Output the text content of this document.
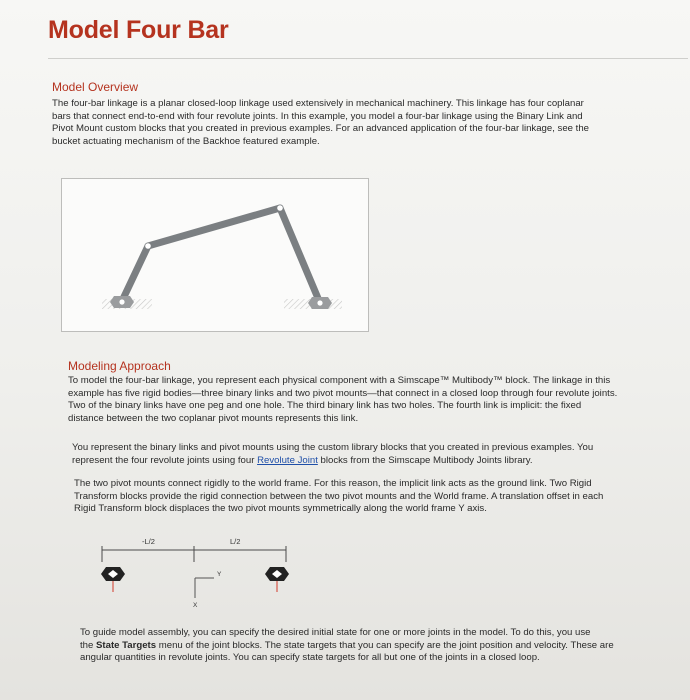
Model Four Bar
Model Overview
The four-bar linkage is a planar closed-loop linkage used extensively in mechanical machinery. This linkage has four coplanar
bars that connect end-to-end with four revolute joints. In this example, you model a four-bar linkage using the Binary Link and
Pivot Mount custom blocks that you created in previous examples. For an advanced application of the four-bar linkage, see the
bucket actuating mechanism of the Backhoe featured example.
Modeling Approach
To model the four-bar linkage, you represent each physical component with a Simscape™ Multibody™ block. The linkage in this
example has five rigid bodies—three binary links and two pivot mounts—that connect in a closed loop through four revolute joints.
Two of the binary links have one peg and one hole. The third binary link has two holes. The fourth link is implicit: the fixed
distance between the two coplanar pivot mounts represents this link.
You represent the binary links and pivot mounts using the custom library blocks that you created in previous examples. You
represent the four revolute joints using four Revolute Joint blocks from the Simscape Multibody Joints library.
The two pivot mounts connect rigidly to the world frame. For this reason, the implicit link acts as the ground link. Two Rigid
Transform blocks provide the rigid connection between the two pivot mounts and the World frame. A translation offset in each
Rigid Transform block displaces the two pivot mounts symmetrically along the world frame Y axis.
-L/2	L/2
Y
X
To guide model assembly, you can specify the desired initial state for one or more joints in the model. To do this, you use
the State Targets menu of the joint blocks. The state targets that you can specify are the joint position and velocity. These are
angular quantities in revolute joints. You can specify state targets for all but one of the joints in a closed loop.
